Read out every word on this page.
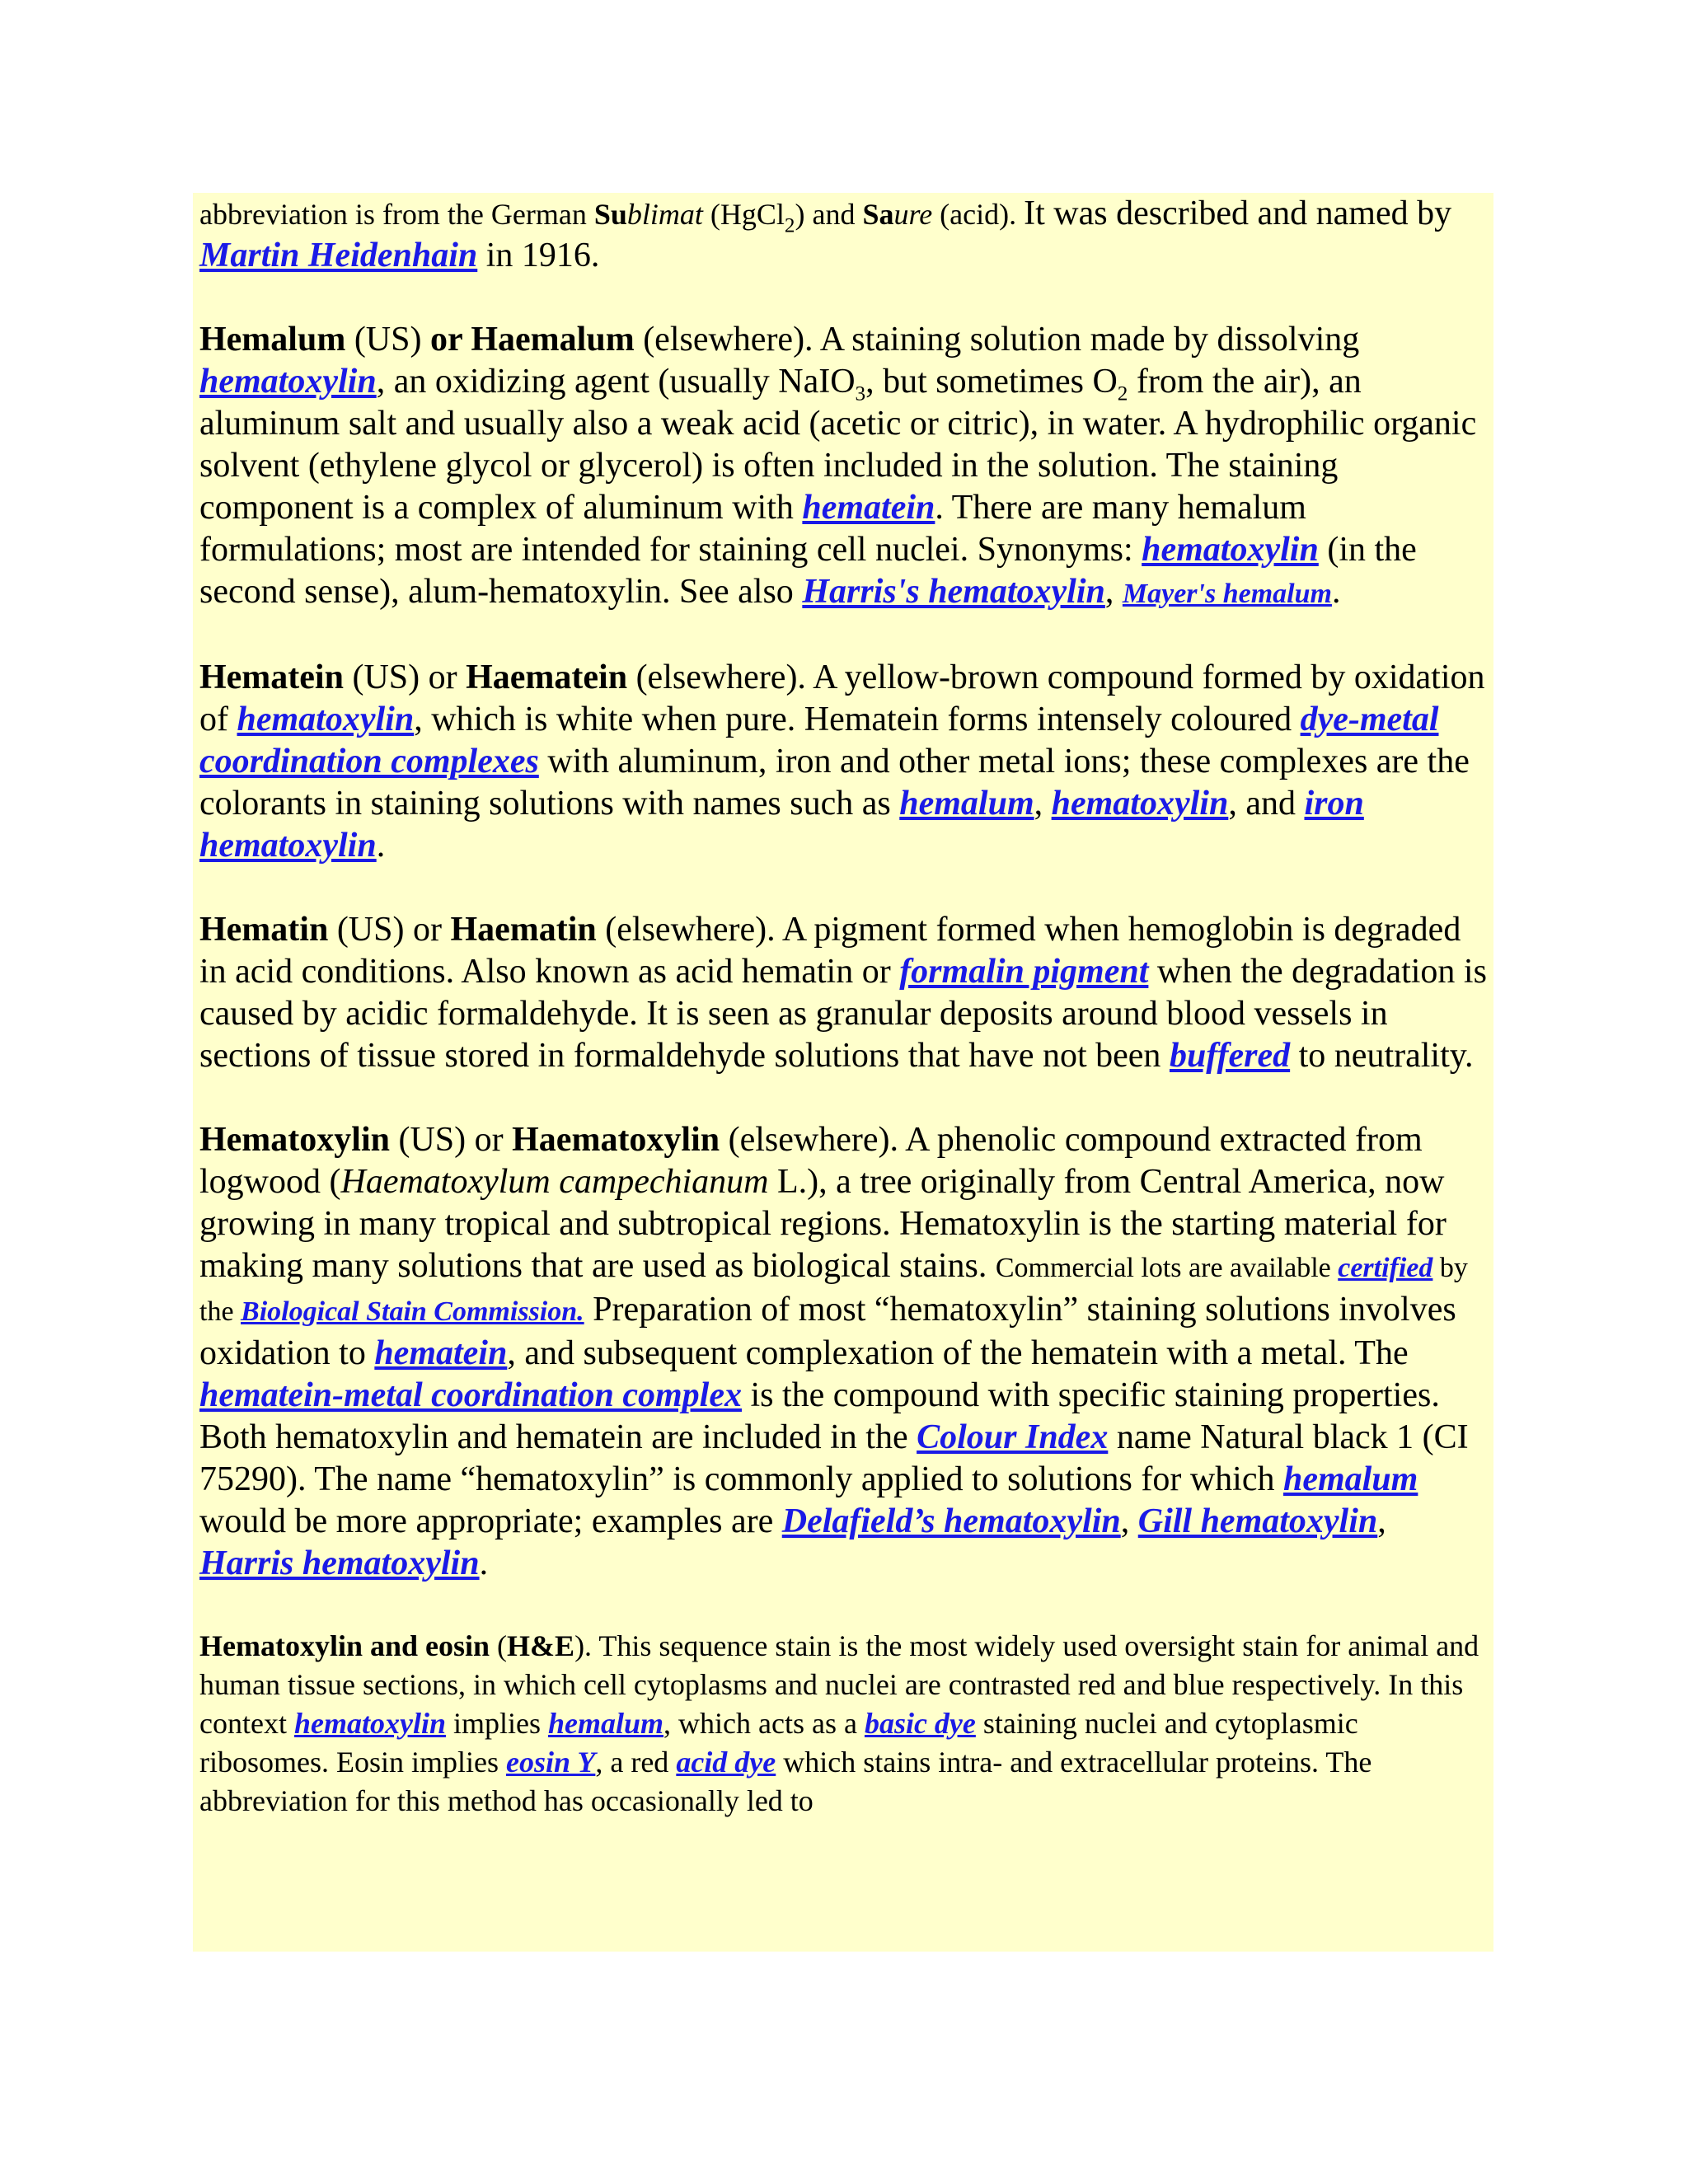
abbreviation is from the German Sublimat (HgCl$_2$) and Saure (acid). It was described and named by Martin Heidenhain in 1916.

Hemalum (US) or Haemalum (elsewhere). A staining solution made by dissolving hematoxylin, an oxidizing agent (usually NaIO$_3$, but sometimes $O_2$ from the air), an aluminum salt and usually also a weak acid (acetic or citric), in water. A hydrophilic organic solvent (ethylene glycol or glycerol) is often included in the solution. The staining component is a complex of aluminum with hematein. There are many hemalum formulations; most are intended for staining cell nuclei. Synonyms: hematoxylin (in the second sense), alum-hematoxylin. See also Harris's hematoxylin, Mayer's hemalum.

Hematein (US) or Haematein (elsewhere). A yellow-brown compound formed by oxidation of hematoxylin, which is white when pure. Hematein forms intensely coloured dye-metal coordination complexes with aluminum, iron and other metal ions; these complexes are the colorants in staining solutions with names such as hemalum, hematoxylin, and iron hematoxylin.

Hematin (US) or Haematin (elsewhere). A pigment formed when hemoglobin is degraded in acid conditions. Also known as acid hematin or formalin pigment when the degradation is caused by acidic formaldehyde. It is seen as granular deposits around blood vessels in sections of tissue stored in formaldehyde solutions that have not been buffered to neutrality.

Hematoxylin (US) or Haematoxylin (elsewhere). A phenolic compound extracted from logwood (Haematoxylum campechianum L.), a tree originally from Central America, now growing in many tropical and subtropical regions. Hematoxylin is the starting material for making many solutions that are used as biological stains. Commercial lots are available certified by the Biological Stain Commission. Preparation of most “hematoxylin” staining solutions involves oxidation to hematein, and subsequent complexation of the hematein with a metal. The hematein-metal coordination complex is the compound with specific staining properties. Both hematoxylin and hematein are included in the Colour Index name Natural black 1 (CI 75290). The name “hematoxylin” is commonly applied to solutions for which hemalum would be more appropriate; examples are Delafield’s hematoxylin, Gill hematoxylin, Harris hematoxylin.

Hematoxylin and eosin (H&E). This sequence stain is the most widely used oversight stain for animal and human tissue sections, in which cell cytoplasms and nuclei are contrasted red and blue respectively. In this context hematoxylin implies hemalum, which acts as a basic dye staining nuclei and cytoplasmic ribosomes. Eosin implies eosin Y, a red acid dye which stains intra- and extracellular proteins. The abbreviation for this method has occasionally led to
